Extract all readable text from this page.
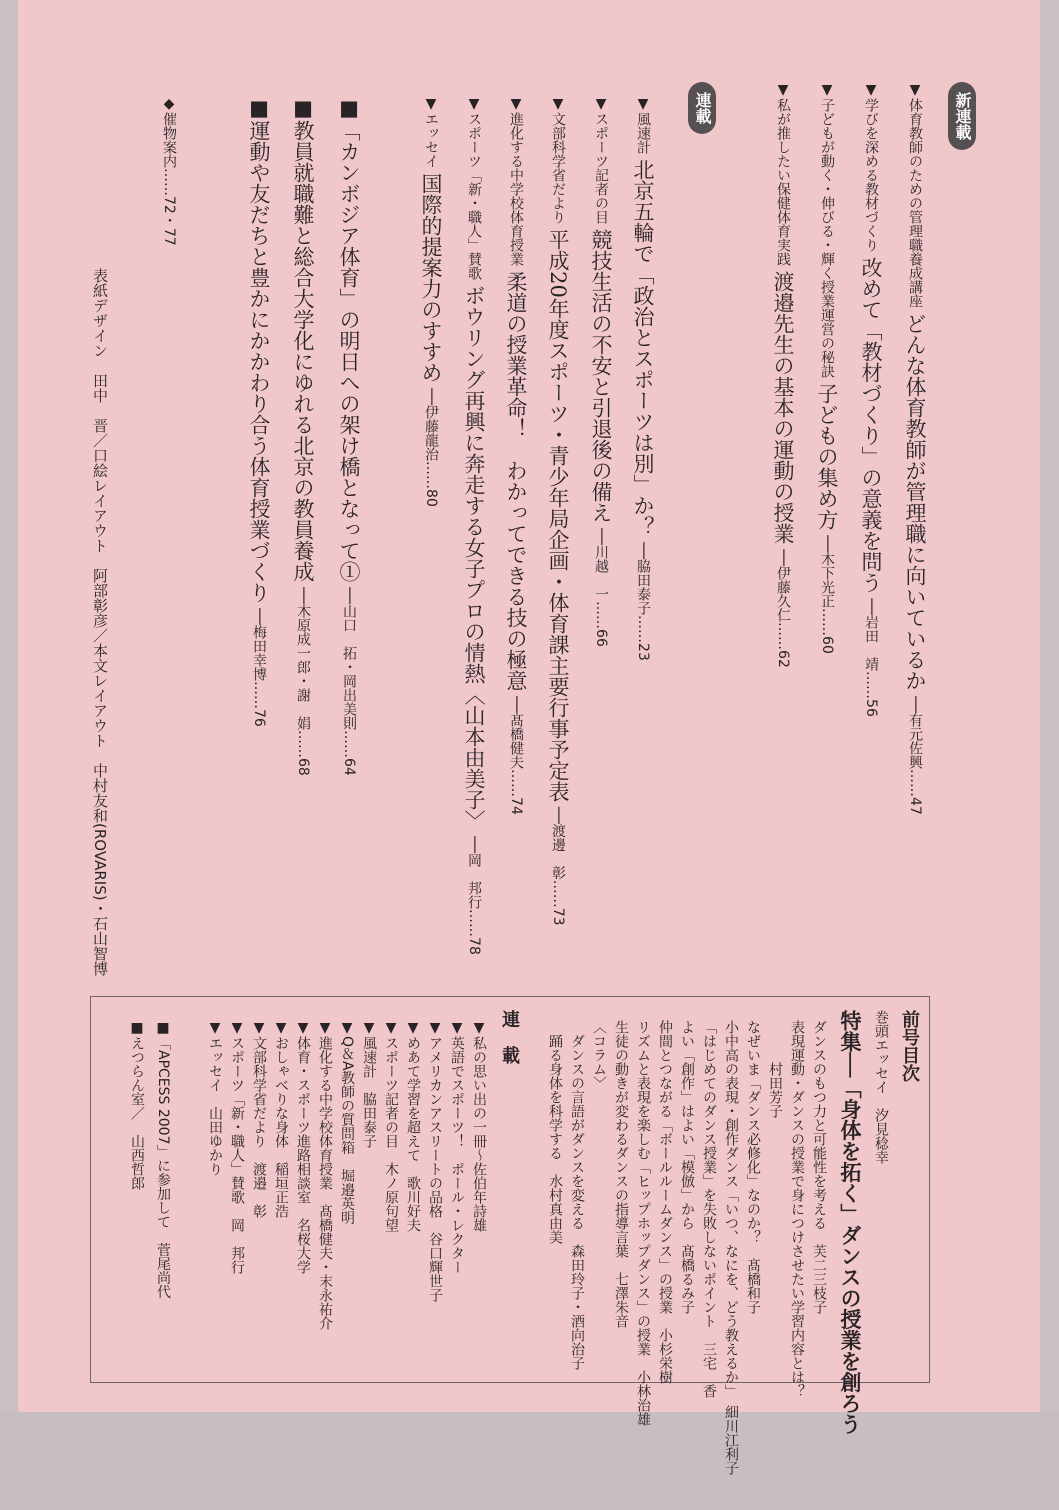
新連載
▼体育教師のための管理職養成講座 どんな体育教師が管理職に向いているか ──有元佐興……47
▼学びを深める教材づくり 改めて「教材づくり」の意義を問う ──岩田　靖……56
▼子どもが動く・伸びる・輝く授業運営の秘訣 子どもの集め方 ──木下光正……60
▼私が推したい保健体育実践 渡邉先生の基本の運動の授業 ──伊藤久仁……62
連載
▼風速計 北京五輪で「政治とスポーツは別」か？ ──脇田泰子……23
▼スポーツ記者の目 競技生活の不安と引退後の備え ──川越　一……66
▼文部科学省だより 平成20年度スポーツ・青少年局企画・体育課主要行事予定表 ──渡邊　彰……73
▼進化する中学校体育授業 柔道の授業革命！　わかってできる技の極意 ──髙橋健夫……74
▼スポーツ「新・職人」賛歌 ボウリング再興に奔走する女子プロの情熱〈山本由美子〉 ──岡　邦行……78
▼エッセイ 国際的提案力のすすめ ──伊藤龍治……80
■「カンボジア体育」の明日への架け橋となって① ──山口　拓・岡出美則……64
■教員就職難と総合大学化にゆれる北京の教員養成 ──木原成一郎・謝　娟……68
■運動や友だちと豊かにかかわり合う体育授業づくり ──梅田幸博……76
◆催物案内……72・77
表紙デザイン　田中　晋／口絵レイアウト　阿部彰彦／本文レイアウト　中村友和(ROVARIS)・石山智博
前号目次
巻頭エッセイ　汐見稔幸
特集──「身体を拓く」ダンスの授業を創ろう
ダンスのもつ力と可能性を考える　芙二三枝子
表現運動・ダンスの授業で身につけさせたい学習内容とは？
　　　村田芳子
なぜいま「ダンス必修化」なのか？　髙橋和子
小中高の表現・創作ダンス「いつ、なにを、どう教えるか」　細川江利子
「はじめてのダンス授業」を失敗しないポイント　三宅　香
よい「創作」はよい「模倣」から　髙橋るみ子
仲間とつながる「ボールルームダンス」の授業　小杉栄樹
リズムと表現を楽しむ「ヒップホップダンス」の授業　小林治雄
生徒の動きが変わるダンスの指導言葉　七澤朱音
〈コラム〉
　ダンスの言語がダンスを変える　森田玲子・酒向治子
　踊る身体を科学する　水村真由美
連　載
▼私の思い出の一冊〜佐伯年詩雄
▼英語でスポーツ！　ポール・レクター
▼アメリカンアスリートの品格　谷口輝世子
▼めあて学習を超えて　歌川好夫
▼スポーツ記者の目　木ノ原句望
▼風速計　脇田泰子
▼Q＆A教師の質問箱　堀邉英明
▼進化する中学校体育授業　髙橋健夫・末永祐介
▼体育・スポーツ進路相談室　名桜大学
▼おしゃべりな身体　稲垣正浩
▼文部科学省だより　渡邉　彰
▼スポーツ「新・職人」賛歌　岡　邦行
▼エッセイ　山田ゆかり
■「APCESS 2007」に参加して　菅尾尚代
■えつらん室／　山西哲郎
